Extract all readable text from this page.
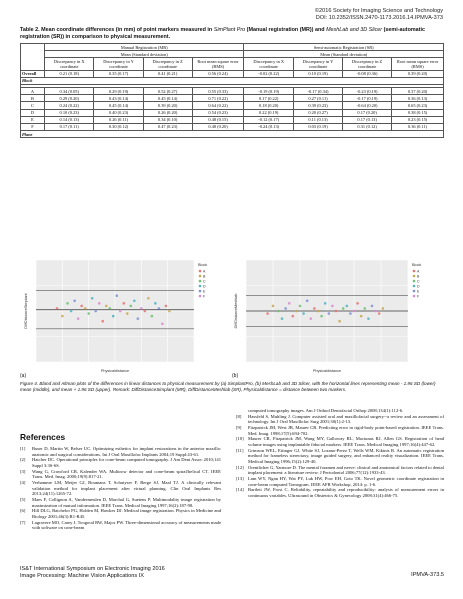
©2016 Society for Imaging Science and Technology
DOI: 10.2352/ISSN.2470-1173.2016.14.IPMVA-373
Table 2. Mean coordinate differences (in mm) of point markers measured in SimPlant Pro (Manual registration (MR)) and MeshLab and 3D Slicer (semi-automatic registration (SR)) in comparison to physical measurement.
	Manual Registration (MR)				Semi-automatic Registration (SR)			
	Mean (Standard deviation)				Mean (Standard deviation)			
	Discrepancy in X coordinate	Discrepancy in Y coordinate	Discrepancy in Z coordinate	Root mean square error (RMS)	Discrepancy in X coordinate	Discrepancy in Y coordinate	Discrepancy in Z coordinate	Root mean square error (RMS)
Overall	0.21 (0.18)	0.35 (0.17)	0.41 (0.21)	0.56 (0.24)	-0.02 (0.22)	0.10 (0.19)	-0.08 (0.36)	0.39 (0.20)
Block								

A	0.34 (0.05)	0.29 (0.19)	0.52 (0.27)	0.55 (0.33)	-0.19 (0.19)	-0.17 (0.34)	-0.23 (0.19)	0.37 (0.20)
B	0.29 (0.20)	0.43 (0.14)	0.45 (0.14)	0.71 (0.22)	0.17 (0.22)	0.27 (0.11)	-0.17 (0.19)	0.36 (0.13)
C	0.24 (0.22)	0.45 (0.14)	0.39 (0.20)	0.64 (0.22)	0.18 (0.20)	0.39 (0.23)	-0.64 (0.20)	0.65 (0.23)
D	0.10 (0.23)	0.40 (0.23)	0.26 (0.20)	0.54 (0.23)	0.22 (0.19)	0.20 (0.27)	0.17 (0.20)	0.38 (0.15)
E	0.14 (0.13)	0.26 (0.11)	0.34 (0.10)	0.48 (0.15)	-0.12 (0.17)	0.11 (0.13)	0.17 (0.13)	0.23 (0.15)
F	0.17 (0.11)	0.30 (0.12)	0.47 (0.23)	0.48 (0.20)	-0.24 (0.13)	0.03 (0.19)	0.31 (0.12)	0.36 (0.11)
Plane								
Block
A
B
C
D
E
F
Physicaldistance
DiffDistanceSimplant
(a)
Block
A
B
C
D
E
F
Physicaldistance
DiffDistanceMeshlab
(b)
Figure 4. Bland and Altman plots of the differences in linear distances to physical measurement by (a) SimplantPro, (b) MeshLab and 3D Slicer, with the horizontal lines representing mean - 1.96 SD (lower) mean (middle), and mean + 1.96 SD (upper). Remark: DiffDistanceSimplant (MR), DiffDistanceMeshlab (SR), Physicaldistance = distance between two markers.
References
[1]	Buser D, Martin W, Belser UC. Optimizing esthetics for implant restorations in the anterior maxilla: anatomic and surgical considerations. Int J Oral Maxillofac Implants 2004;19 Suppl:43-61.
[2]	Hatcher DC. Operational principles for cone-beam computed tomography. J Am Dent Assoc 2010;141 Suppl 3:3S-6S.
[3]	Wang G, Crawford CR, Kalender WA. Multirow detector and cone-beam spiral/helical CT. IEEE Trans. Med. Imag. 2000;19(9):817-21.
[4]	Verhamme LM, Meijer GJ, Boumans T, Schutyser F, Berge SJ, Maal TJ. A clinically relevant validation method for implant placement after virtual planning. Clin Oral Implants Res 2013;24(11):1265-72.
[5]	Maes F, Collignon A, Vandermeulen D, Marchal G, Suetens P. Multimodality image registration by maximization of mutual information. IEEE Trans. Medical Imaging 1997;16(2):187-98.
[6]	Hill DLG, Batchelor PG, Holden M, Hawkes DJ. Medical image registration. Physics in Medicine and Biology 2001;46(3):R1-R45.
[7]	Lagravere MO, Carey J, Toogood RW, Major PW. Three-dimensional accuracy of measurements made with software on cone-beam
computed tomography images. Am J Orthod Dentofacial Orthop 2008;134(1):112-6.
[8]	Hassfeld S, Muhling J. Computer assisted oral and maxillofacial surgery--a review and an assessment of technology. Int J Oral Maxillofac Surg 2001;30(1):2-13.
[9]	Fitzpatrick JM, West JB, Maurer CR. Predicting error in rigid-body point-based registration. IEEE Trans. Med. Imag. 1998;17(5):694-702.
[10] Maurer CR, Fitzpatrick JM, Wang MY, Galloway RL, Maciunas RJ, Allen GS. Registration of head volume images using implantable fiducial markers. IEEE Trans. Medical Imaging 1997;16(4):447-62.
[11] Grimson WEL, Ettinger GJ, White SJ, Lozano-Perez T, Wells WM, Kikinis R. An automatic registration method for frameless stereotaxy, image guided surgery, and enhanced reality visualization. IEEE Trans. Medical Imaging 1996;15(2):129-40.
[12] Orentlicher G, Yarmore D. The mental foramen and nerve: clinical and anatomical factors related to dental implant placement: a literature review. J Periodontol 2006;77(12):1933-43.
[13] Lam WY, Ngan HY, Wat PY, Luk HW, Pow EH, Goto TK. Novel geometric coordinate registration in cone-beam computed Tomogram. IEEE AFR Workshop, 2014: p. 1-6.
[14] Bartlett JW, Frost C. Reliability, repeatability and reproducibility: analysis of measurement errors in continuous variables. Ultrasound in Obstetrics & Gynecology 2008;31(4):466-75.
IS&T International Symposium on Electronic Imaging 2016
Image Processing: Machine Vision Applications IX	IPMVA-373.5
